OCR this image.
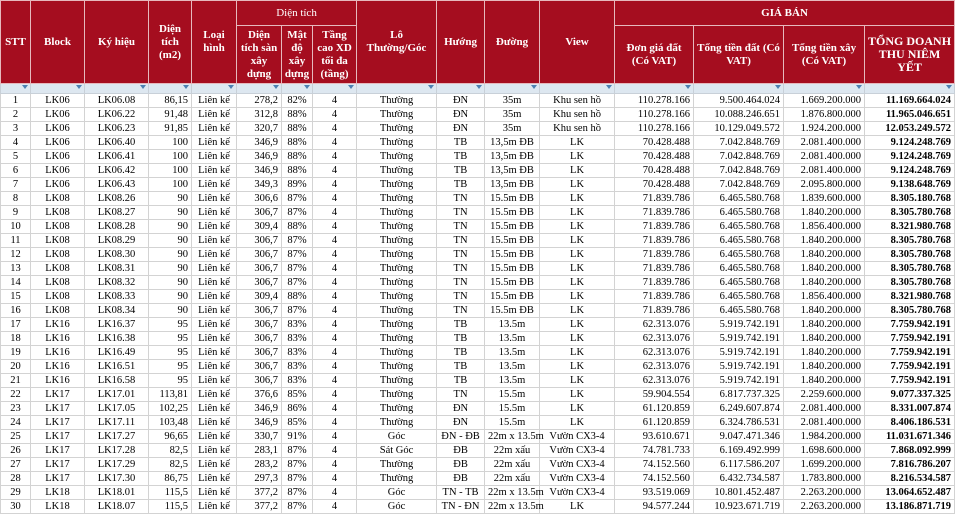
STT	Block	Ký hiệu	Diện tích (m2)	Loại hình	Diện tích			Lô Thường/Góc	Hướng	Đường	View	GIÁ BÁN			
					Diện tích sàn xây dựng	Mật độ xây dựng	Tầng cao XD tối đa (tầng)					Đơn giá đất (Có VAT)	Tổng tiền đất (Có VAT)	Tổng tiền xây (Có VAT)	TỔNG DOANH THU NIÊM YẾT

1	LK06	LK06.08	86,15	Liên kế	278,2	82%	4	Thường	ĐN	35m	Khu sen hồ	110.278.166	9.500.464.024	1.669.200.000	11.169.664.024
2	LK06	LK06.22	91,48	Liên kế	312,8	88%	4	Thường	ĐN	35m	Khu sen hồ	110.278.166	10.088.246.651	1.876.800.000	11.965.046.651
3	LK06	LK06.23	91,85	Liên kế	320,7	88%	4	Thường	ĐN	35m	Khu sen hồ	110.278.166	10.129.049.572	1.924.200.000	12.053.249.572
4	LK06	LK06.40	100	Liên kế	346,9	88%	4	Thường	TB	13,5m ĐB	LK	70.428.488	7.042.848.769	2.081.400.000	9.124.248.769
5	LK06	LK06.41	100	Liên kế	346,9	88%	4	Thường	TB	13,5m ĐB	LK	70.428.488	7.042.848.769	2.081.400.000	9.124.248.769
6	LK06	LK06.42	100	Liên kế	346,9	88%	4	Thường	TB	13,5m ĐB	LK	70.428.488	7.042.848.769	2.081.400.000	9.124.248.769
7	LK06	LK06.43	100	Liên kế	349,3	89%	4	Thường	TB	13,5m ĐB	LK	70.428.488	7.042.848.769	2.095.800.000	9.138.648.769
8	LK08	LK08.26	90	Liên kế	306,6	87%	4	Thường	TN	15.5m ĐB	LK	71.839.786	6.465.580.768	1.839.600.000	8.305.180.768
9	LK08	LK08.27	90	Liên kế	306,7	87%	4	Thường	TN	15.5m ĐB	LK	71.839.786	6.465.580.768	1.840.200.000	8.305.780.768
10	LK08	LK08.28	90	Liên kế	309,4	88%	4	Thường	TN	15.5m ĐB	LK	71.839.786	6.465.580.768	1.856.400.000	8.321.980.768
11	LK08	LK08.29	90	Liên kế	306,7	87%	4	Thường	TN	15.5m ĐB	LK	71.839.786	6.465.580.768	1.840.200.000	8.305.780.768
12	LK08	LK08.30	90	Liên kế	306,7	87%	4	Thường	TN	15.5m ĐB	LK	71.839.786	6.465.580.768	1.840.200.000	8.305.780.768
13	LK08	LK08.31	90	Liên kế	306,7	87%	4	Thường	TN	15.5m ĐB	LK	71.839.786	6.465.580.768	1.840.200.000	8.305.780.768
14	LK08	LK08.32	90	Liên kế	306,7	87%	4	Thường	TN	15.5m ĐB	LK	71.839.786	6.465.580.768	1.840.200.000	8.305.780.768
15	LK08	LK08.33	90	Liên kế	309,4	88%	4	Thường	TN	15.5m ĐB	LK	71.839.786	6.465.580.768	1.856.400.000	8.321.980.768
16	LK08	LK08.34	90	Liên kế	306,7	87%	4	Thường	TN	15.5m ĐB	LK	71.839.786	6.465.580.768	1.840.200.000	8.305.780.768
17	LK16	LK16.37	95	Liên kế	306,7	83%	4	Thường	TB	13.5m	LK	62.313.076	5.919.742.191	1.840.200.000	7.759.942.191
18	LK16	LK16.38	95	Liên kế	306,7	83%	4	Thường	TB	13.5m	LK	62.313.076	5.919.742.191	1.840.200.000	7.759.942.191
19	LK16	LK16.49	95	Liên kế	306,7	83%	4	Thường	TB	13.5m	LK	62.313.076	5.919.742.191	1.840.200.000	7.759.942.191
20	LK16	LK16.51	95	Liên kế	306,7	83%	4	Thường	TB	13.5m	LK	62.313.076	5.919.742.191	1.840.200.000	7.759.942.191
21	LK16	LK16.58	95	Liên kế	306,7	83%	4	Thường	TB	13.5m	LK	62.313.076	5.919.742.191	1.840.200.000	7.759.942.191
22	LK17	LK17.01	113,81	Liên kế	376,6	85%	4	Thường	TN	15.5m	LK	59.904.554	6.817.737.325	2.259.600.000	9.077.337.325
23	LK17	LK17.05	102,25	Liên kế	346,9	86%	4	Thường	ĐN	15.5m	LK	61.120.859	6.249.607.874	2.081.400.000	8.331.007.874
24	LK17	LK17.11	103,48	Liên kế	346,9	85%	4	Thường	ĐN	15.5m	LK	61.120.859	6.324.786.531	2.081.400.000	8.406.186.531
25	LK17	LK17.27	96,65	Liên kế	330,7	91%	4	Góc	ĐN - ĐB	22m x 13.5m	Vườn CX3-4	93.610.671	9.047.471.346	1.984.200.000	11.031.671.346
26	LK17	LK17.28	82,5	Liên kế	283,1	87%	4	Sát Góc	ĐB	22m xấu	Vườn CX3-4	74.781.733	6.169.492.999	1.698.600.000	7.868.092.999
27	LK17	LK17.29	82,5	Liên kế	283,2	87%	4	Thường	ĐB	22m xấu	Vườn CX3-4	74.152.560	6.117.586.207	1.699.200.000	7.816.786.207
28	LK17	LK17.30	86,75	Liên kế	297,3	87%	4	Thường	ĐB	22m xấu	Vườn CX3-4	74.152.560	6.432.734.587	1.783.800.000	8.216.534.587
29	LK18	LK18.01	115,5	Liên kế	377,2	87%	4	Góc	TN - TB	22m x 13.5m	Vườn CX3-4	93.519.069	10.801.452.487	2.263.200.000	13.064.652.487
30	LK18	LK18.07	115,5	Liên kế	377,2	87%	4	Góc	TN - ĐN	22m x 13.5m	LK	94.577.244	10.923.671.719	2.263.200.000	13.186.871.719
